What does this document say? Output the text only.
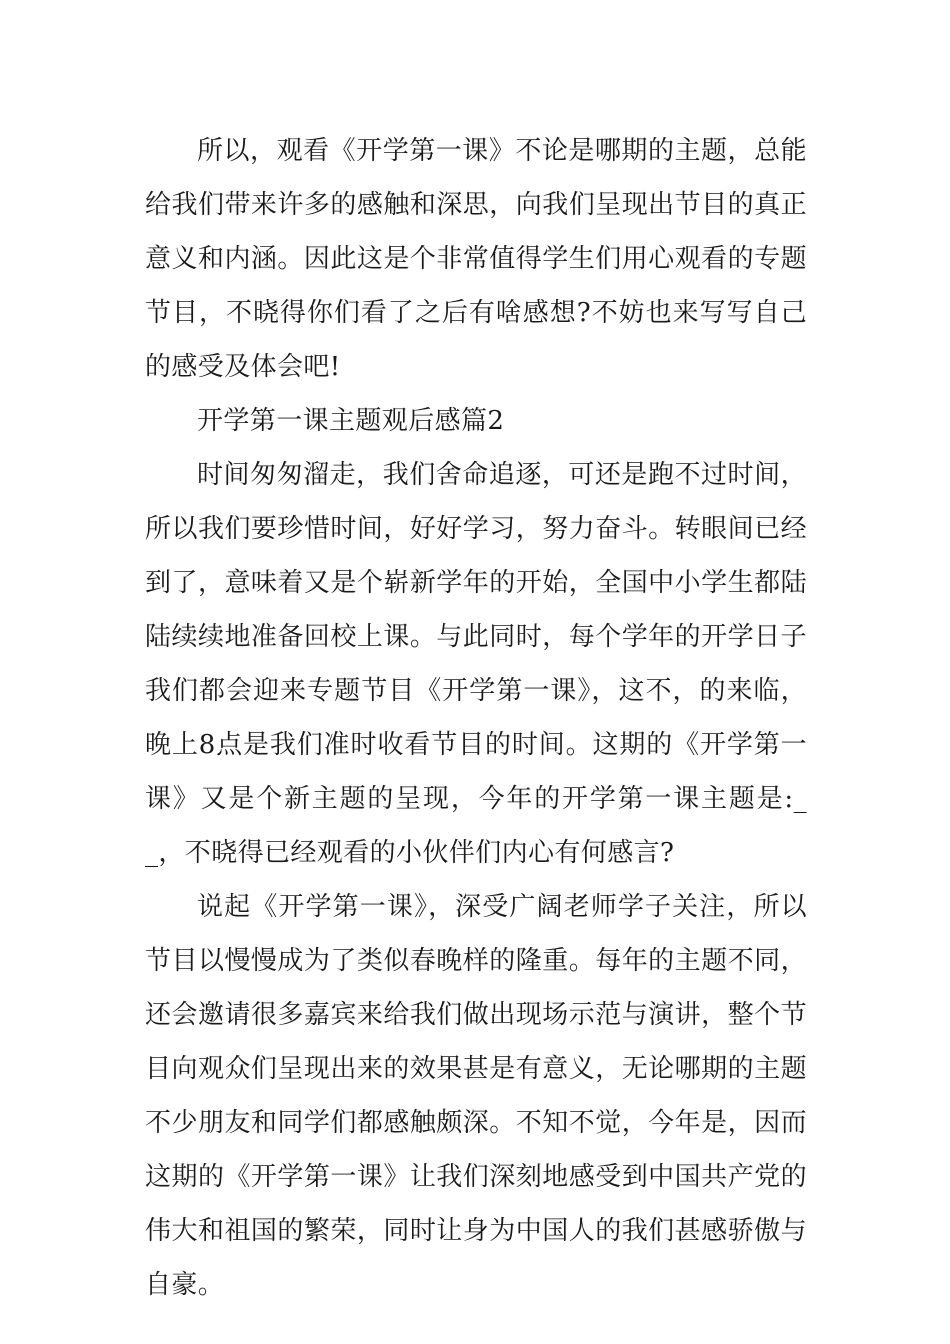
所以，观看《开学第一课》不论是哪期的主题，总能给我们带来许多的感触和深思，向我们呈现出节目的真正意义和内涵。因此这是个非常值得学生们用心观看的专题节目，不晓得你们看了之后有啥感想?不妨也来写写自己的感受及体会吧!

开学第一课主题观后感篇2

时间匆匆溜走，我们舍命追逐，可还是跑不过时间，所以我们要珍惜时间，好好学习，努力奋斗。转眼间已经到了，意味着又是个崭新学年的开始，全国中小学生都陆陆续续地准备回校上课。与此同时，每个学年的开学日子我们都会迎来专题节目《开学第一课》，这不，的来临，晚上8点是我们准时收看节目的时间。这期的《开学第一课》又是个新主题的呈现，今年的开学第一课主题是:__，不晓得已经观看的小伙伴们内心有何感言?

说起《开学第一课》，深受广阔老师学子关注，所以节目以慢慢成为了类似春晚样的隆重。每年的主题不同，还会邀请很多嘉宾来给我们做出现场示范与演讲，整个节目向观众们呈现出来的效果甚是有意义，无论哪期的主题不少朋友和同学们都感触颇深。不知不觉，今年是，因而这期的《开学第一课》让我们深刻地感受到中国共产党的伟大和祖国的繁荣，同时让身为中国人的我们甚感骄傲与自豪。
